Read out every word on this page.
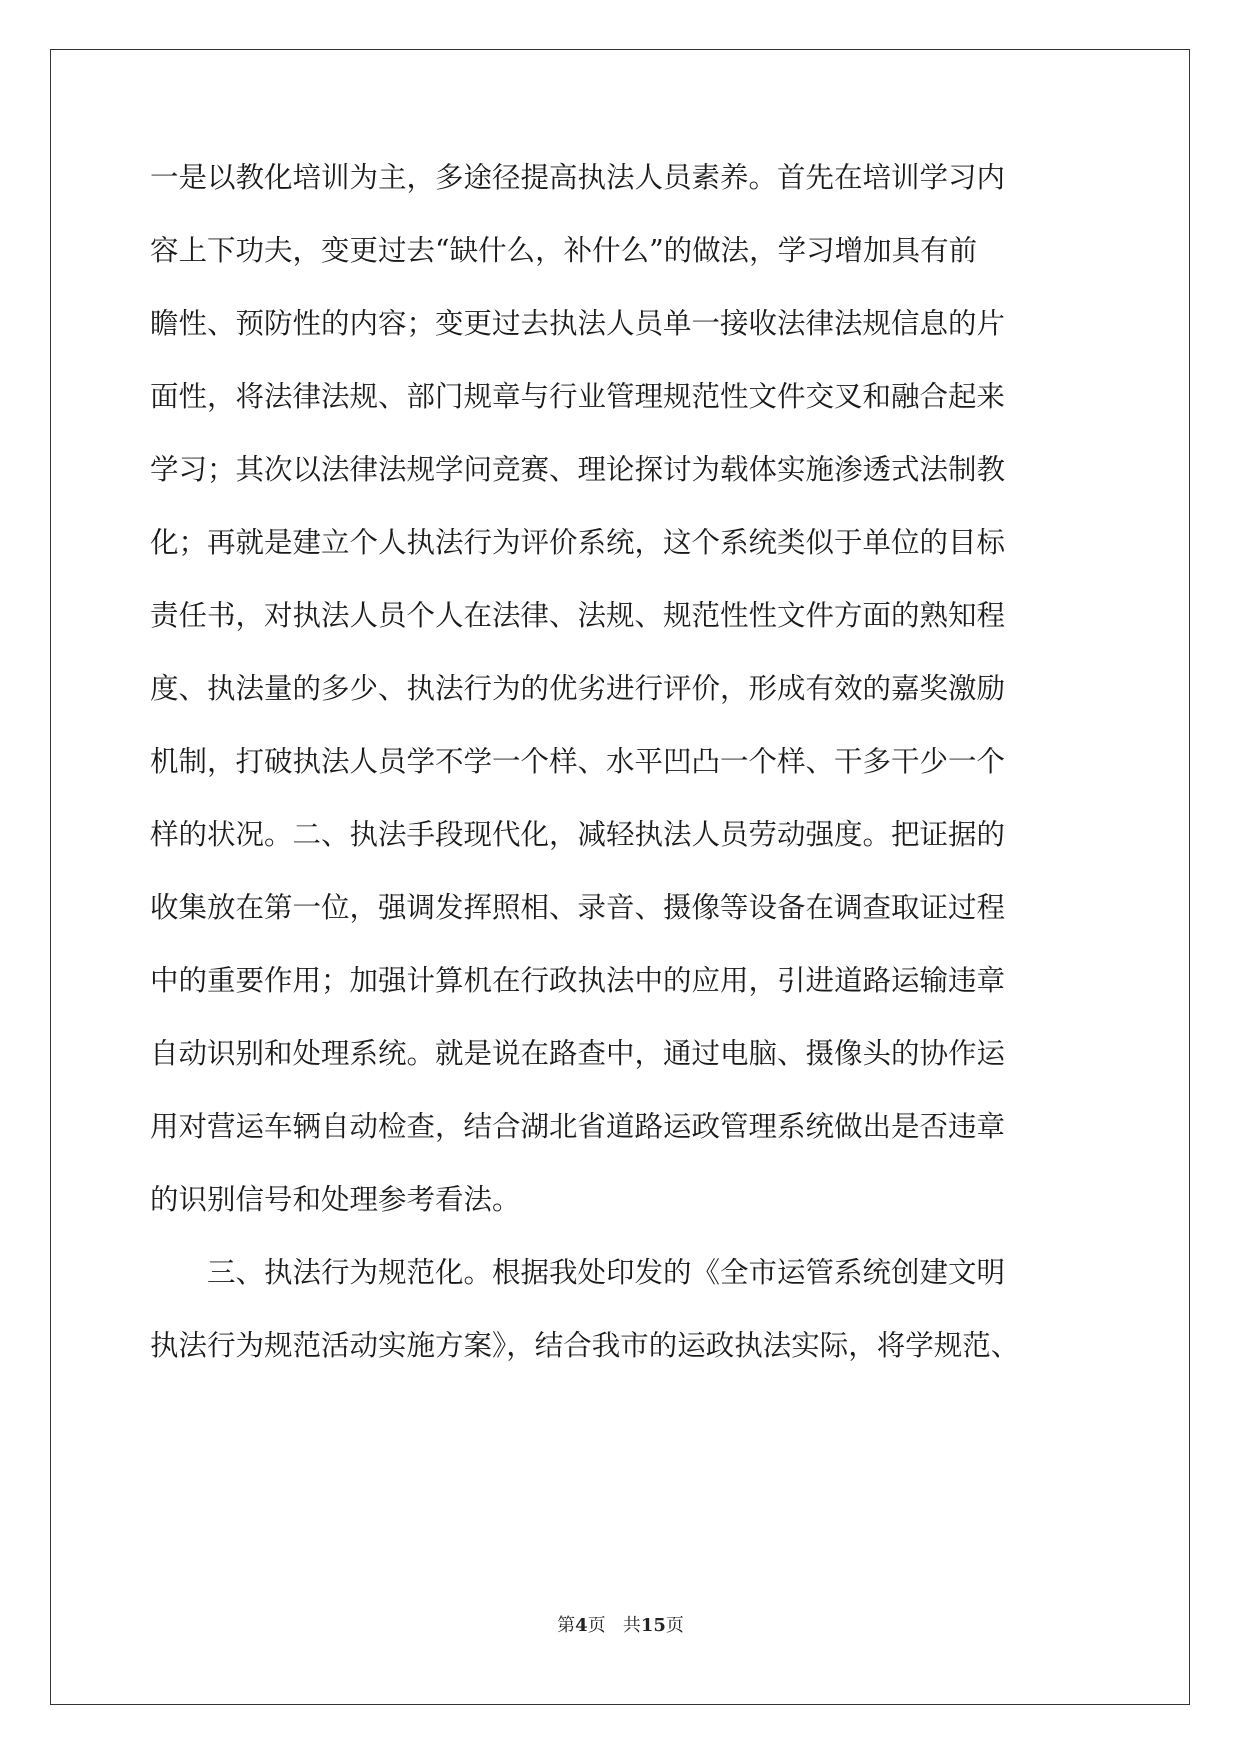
一是以教化培训为主，多途径提高执法人员素养。首先在培训学习内
容上下功夫，变更过去“缺什么，补什么”的做法，学习增加具有前
瞻性、预防性的内容；变更过去执法人员单一接收法律法规信息的片
面性，将法律法规、部门规章与行业管理规范性文件交叉和融合起来
学习；其次以法律法规学问竞赛、理论探讨为载体实施渗透式法制教
化；再就是建立个人执法行为评价系统，这个系统类似于单位的目标
责任书，对执法人员个人在法律、法规、规范性性文件方面的熟知程
度、执法量的多少、执法行为的优劣进行评价，形成有效的嘉奖激励
机制，打破执法人员学不学一个样、水平凹凸一个样、干多干少一个
样的状况。二、执法手段现代化，减轻执法人员劳动强度。把证据的
收集放在第一位，强调发挥照相、录音、摄像等设备在调查取证过程
中的重要作用；加强计算机在行政执法中的应用，引进道路运输违章
自动识别和处理系统。就是说在路查中，通过电脑、摄像头的协作运
用对营运车辆自动检查，结合湖北省道路运政管理系统做出是否违章
的识别信号和处理参考看法。
三、执法行为规范化。根据我处印发的《全市运管系统创建文明
执法行为规范活动实施方案》，结合我市的运政执法实际，将学规范、
第4页 共15页
